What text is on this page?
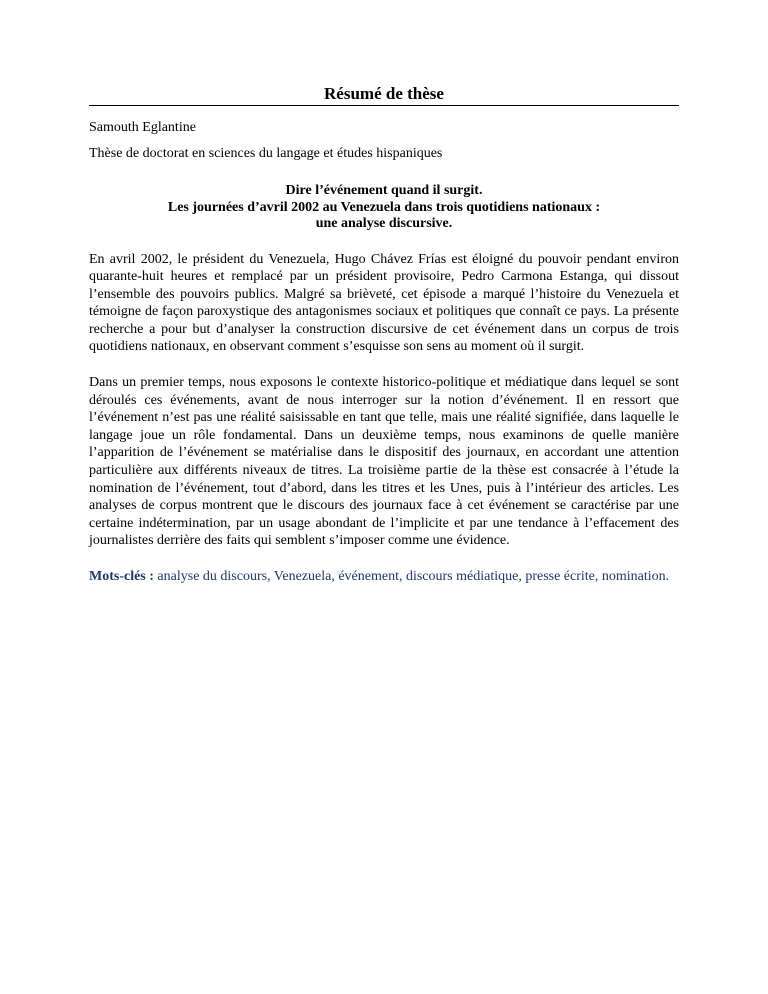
Résumé de thèse
Samouth Eglantine
Thèse de doctorat en sciences du langage et études hispaniques
Dire l’événement quand il surgit.
Les journées d’avril 2002 au Venezuela dans trois quotidiens nationaux :
une analyse discursive.

En avril 2002, le président du Venezuela, Hugo Chávez Frías est éloigné du pouvoir pendant environ quarante-huit heures et remplacé par un président provisoire, Pedro Carmona Estanga, qui dissout l’ensemble des pouvoirs publics. Malgré sa brièveté, cet épisode a marqué l’histoire du Venezuela et témoigne de façon paroxystique des antagonismes sociaux et politiques que connaît ce pays. La présente recherche a pour but d’analyser la construction discursive de cet événement dans un corpus de trois quotidiens nationaux, en observant comment s’esquisse son sens au moment où il surgit.

Dans un premier temps, nous exposons le contexte historico-politique et médiatique dans lequel se sont déroulés ces événements, avant de nous interroger sur la notion d’événement. Il en ressort que l’événement n’est pas une réalité saisissable en tant que telle, mais une réalité signifiée, dans laquelle le langage joue un rôle fondamental. Dans un deuxième temps, nous examinons de quelle manière l’apparition de l’événement se matérialise dans le dispositif des journaux, en accordant une attention particulière aux différents niveaux de titres. La troisième partie de la thèse est consacrée à l’étude la nomination de l’événement, tout d’abord, dans les titres et les Unes, puis à l’intérieur des articles. Les analyses de corpus montrent que le discours des journaux face à cet événement se caractérise par une certaine indétermination, par un usage abondant de l’implicite et par une tendance à l’effacement des journalistes derrière des faits qui semblent s’imposer comme une évidence.

Mots-clés : analyse du discours, Venezuela, événement, discours médiatique, presse écrite, nomination.
